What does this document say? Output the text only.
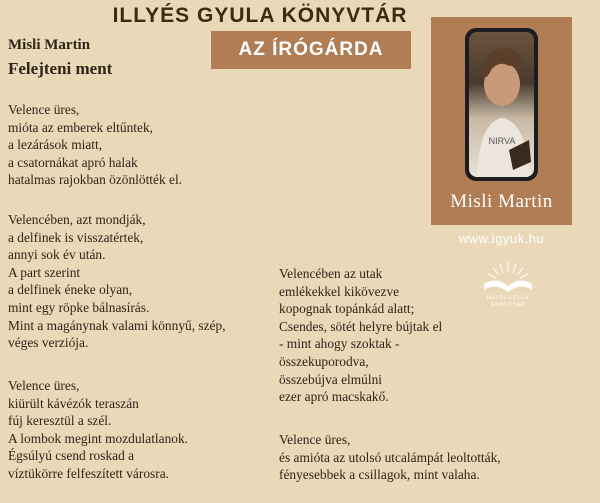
ILLYÉS GYULA KÖNYVTÁR
AZ ÍRÓGÁRDA
Misli Martin
Felejteni ment
Velence üres,
mióta az emberek eltűntek,
a lezárások miatt,
a csatornákat apró halak
hatalmas rajokban özönlötték el.
Velencében, azt mondják,
a delfinek is visszatértek,
annyi sok év után.
A part szerint
a delfinek éneke olyan,
mint egy röpke bálnasírás.
Mint a magánynak valami könnyű, szép,
véges verziója.
Velence üres,
kiürült kávézók teraszán
fúj keresztül a szél.
A lombok megint mozdulatlanok.
Égsúlyú csend roskad a
víztükörre felfeszített városra.
Velencében az utak
emlékekkel kikövezve
kopognak topánkád alatt;
Csendes, sötét helyre bújtak el
- mint ahogy szoktak -
összekuporodva,
összebújva elmúlni
ezer apró macskakő.
Velence üres,
és amióta az utolsó utcalámpát leoltották,
fényesebbek a csillagok, mint valaha.
NIRVA
Misli Martin
www.igyuk.hu
ILLYÉS GYULA
KÖNYVTÁR
